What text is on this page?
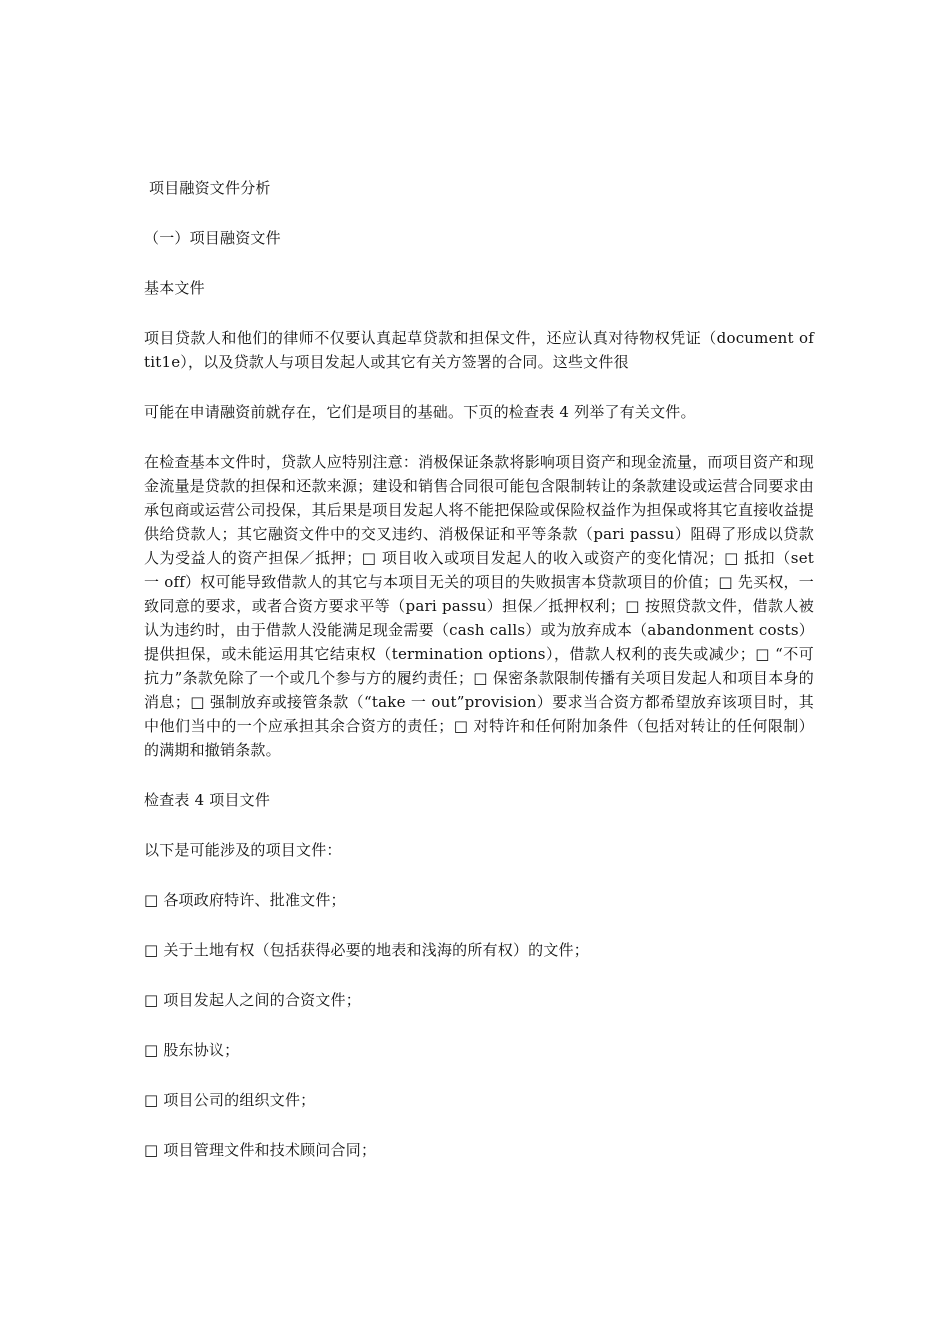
项目融资文件分析

（一）项目融资文件

基本文件

项目贷款人和他们的律师不仅要认真起草贷款和担保文件，还应认真对待物权凭证（document of tit1e），以及贷款人与项目发起人或其它有关方签署的合同。这些文件很

可能在申请融资前就存在，它们是项目的基础。下页的检查表 4 列举了有关文件。

在检查基本文件时，贷款人应特别注意：消极保证条款将影响项目资产和现金流量，而项目资产和现金流量是贷款的担保和还款来源；建设和销售合同很可能包含限制转让的条款建设或运营合同要求由承包商或运营公司投保，其后果是项目发起人将不能把保险或保险权益作为担保或将其它直接收益提供给贷款人；其它融资文件中的交叉违约、消极保证和平等条款（pari passu）阻碍了形成以贷款人为受益人的资产担保／抵押；□ 项目收入或项目发起人的收入或资产的变化情况；□ 抵扣（set 一 off）权可能导致借款人的其它与本项目无关的项目的失败损害本贷款项目的价值；□ 先买权，一致同意的要求，或者合资方要求平等（pari passu）担保／抵押权利；□ 按照贷款文件，借款人被认为违约时，由于借款人没能满足现金需要（cash calls）或为放弃成本（abandonment costs）提供担保，或未能运用其它结束权（termination options），借款人权利的丧失或减少；□ “不可抗力”条款免除了一个或几个参与方的履约责任；□ 保密条款限制传播有关项目发起人和项目本身的消息；□ 强制放弃或接管条款（“take 一 out”provision）要求当合资方都希望放弃该项目时，其中他们当中的一个应承担其余合资方的责任；□ 对特许和任何附加条件（包括对转让的任何限制）的满期和撤销条款。

检查表 4 项目文件

以下是可能涉及的项目文件：

□ 各项政府特许、批准文件；

□ 关于土地有权（包括获得必要的地表和浅海的所有权）的文件；

□ 项目发起人之间的合资文件；

□ 股东协议；

□ 项目公司的组织文件；

□ 项目管理文件和技术顾问合同；
